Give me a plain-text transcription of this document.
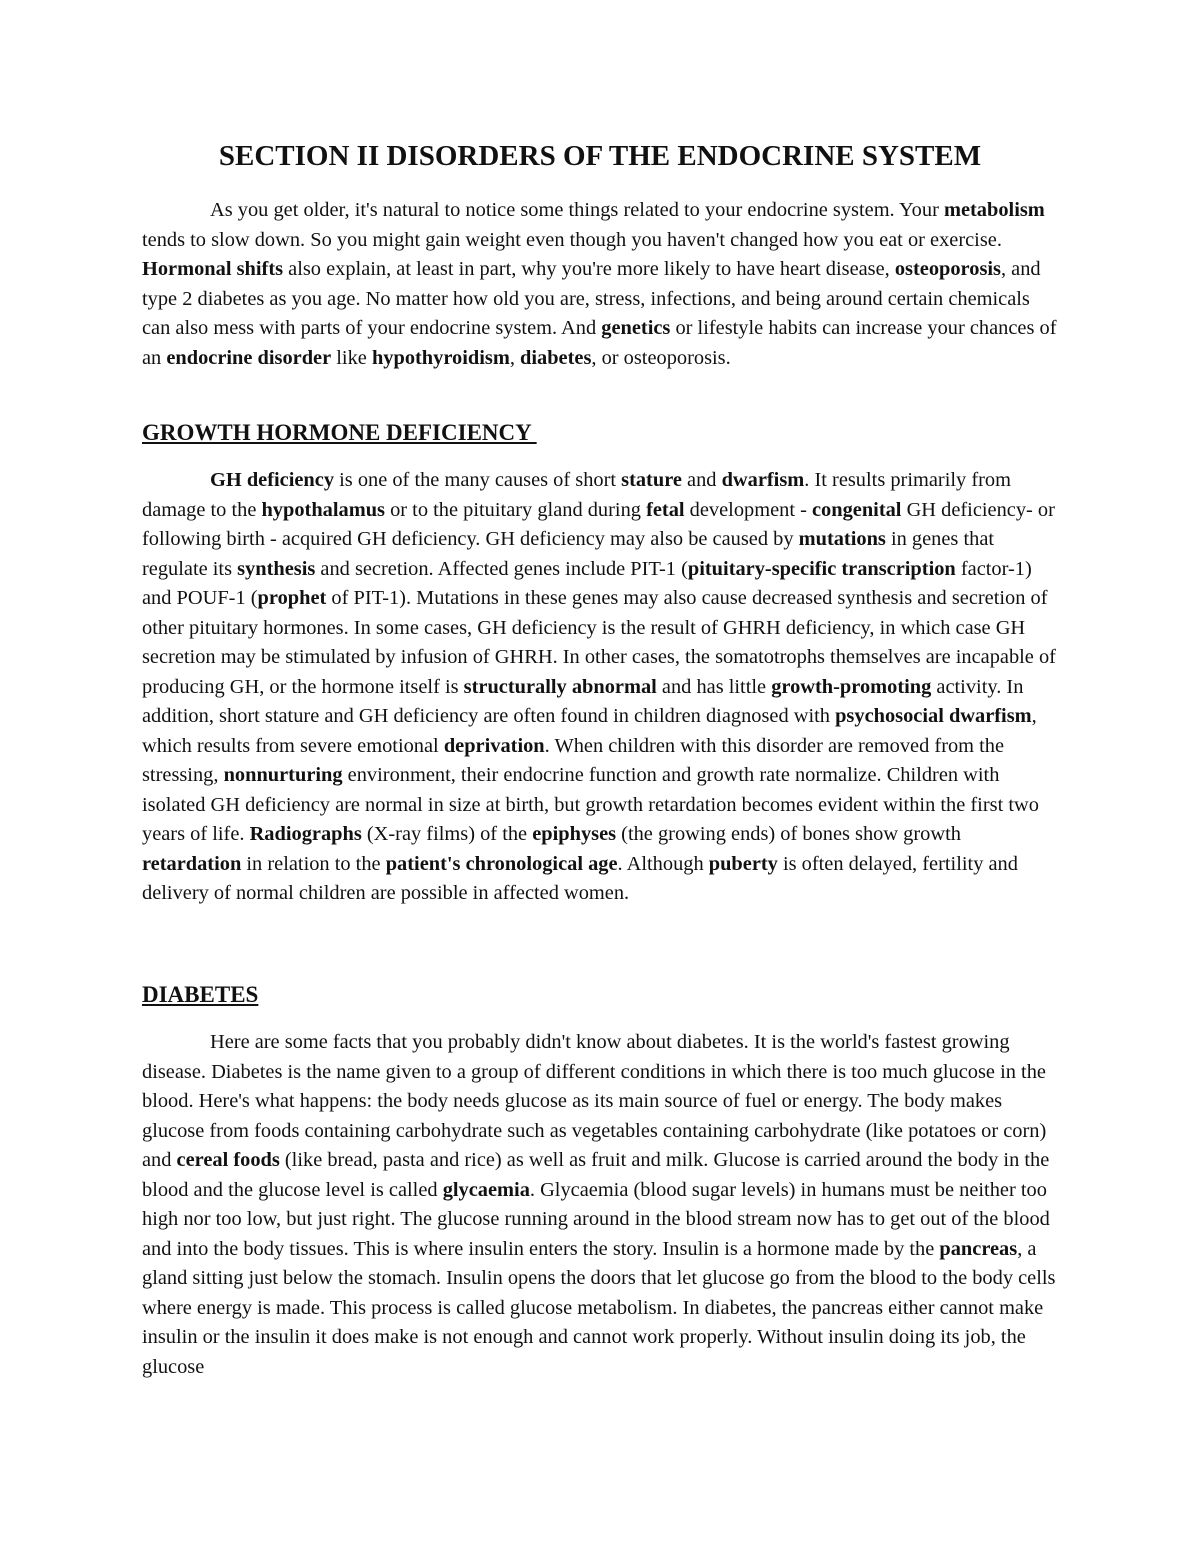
SECTION II DISORDERS OF THE ENDOCRINE SYSTEM

As you get older, it's natural to notice some things related to your endocrine system. Your metabolism tends to slow down. So you might gain weight even though you haven't changed how you eat or exercise. Hormonal shifts also explain, at least in part, why you're more likely to have heart disease, osteoporosis, and type 2 diabetes as you age. No matter how old you are, stress, infections, and being around certain chemicals can also mess with parts of your endocrine system. And genetics or lifestyle habits can increase your chances of an endocrine disorder like hypothyroidism, diabetes, or osteoporosis.

GROWTH HORMONE DEFICIENCY

GH deficiency is one of the many causes of short stature and dwarfism. It results primarily from damage to the hypothalamus or to the pituitary gland during fetal development - congenital GH deficiency- or following birth - acquired GH deficiency. GH deficiency may also be caused by mutations in genes that regulate its synthesis and secretion. Affected genes include PIT-1 (pituitary-specific transcription factor-1) and POUF-1 (prophet of PIT-1). Mutations in these genes may also cause decreased synthesis and secretion of other pituitary hormones. In some cases, GH deficiency is the result of GHRH deficiency, in which case GH secretion may be stimulated by infusion of GHRH. In other cases, the somatotrophs themselves are incapable of producing GH, or the hormone itself is structurally abnormal and has little growth-promoting activity. In addition, short stature and GH deficiency are often found in children diagnosed with psychosocial dwarfism, which results from severe emotional deprivation. When children with this disorder are removed from the stressing, nonnurturing environment, their endocrine function and growth rate normalize. Children with isolated GH deficiency are normal in size at birth, but growth retardation becomes evident within the first two years of life. Radiographs (X-ray films) of the epiphyses (the growing ends) of bones show growth retardation in relation to the patient's chronological age. Although puberty is often delayed, fertility and delivery of normal children are possible in affected women.

DIABETES

Here are some facts that you probably didn't know about diabetes. It is the world's fastest growing disease. Diabetes is the name given to a group of different conditions in which there is too much glucose in the blood. Here's what happens: the body needs glucose as its main source of fuel or energy. The body makes glucose from foods containing carbohydrate such as vegetables containing carbohydrate (like potatoes or corn) and cereal foods (like bread, pasta and rice) as well as fruit and milk. Glucose is carried around the body in the blood and the glucose level is called glycaemia. Glycaemia (blood sugar levels) in humans must be neither too high nor too low, but just right. The glucose running around in the blood stream now has to get out of the blood and into the body tissues. This is where insulin enters the story. Insulin is a hormone made by the pancreas, a gland sitting just below the stomach. Insulin opens the doors that let glucose go from the blood to the body cells where energy is made. This process is called glucose metabolism. In diabetes, the pancreas either cannot make insulin or the insulin it does make is not enough and cannot work properly. Without insulin doing its job, the glucose
